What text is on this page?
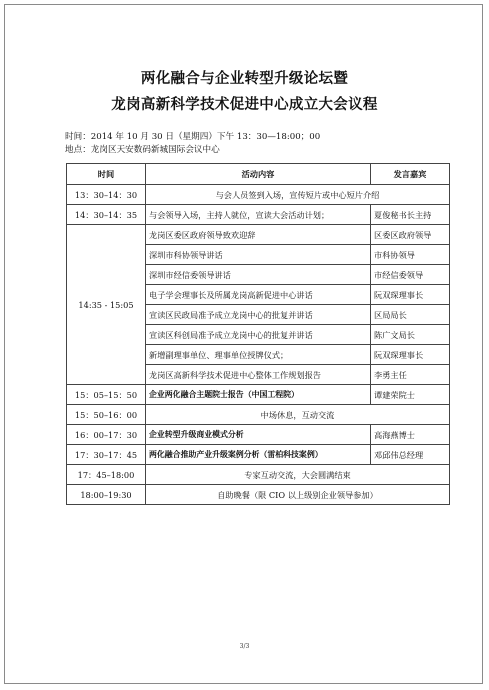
两化融合与企业转型升级论坛暨
龙岗高新科学技术促进中心成立大会议程
时间：2014 年 10 月 30 日（星期四）下午 13：30—18:00；00
地点：龙岗区天安数码新城国际会议中心
时间	活动内容	发言嘉宾
13：30–14：30	与会人员签到入场，宣传短片或中心短片介绍	
14：30–14：35	与会领导入场，主持人就位，宣读大会活动计划；	夏俊秘书长主持
14:35 - 15:05	龙岗区委区政府领导致欢迎辞	区委区政府领导
	深圳市科协领导讲话	市科协领导
	深圳市经信委领导讲话	市经信委领导
	电子学会理事长及所属龙岗高新促进中心讲话	阮双琛理事长
	宣读区民政局准予成立龙岗中心的批复并讲话	区局局长
	宣读区科创局准予成立龙岗中心的批复并讲话	陈广文局长
	新增副理事单位、理事单位授牌仪式；	阮双琛理事长
	龙岗区高新科学技术促进中心整体工作规划报告	李勇主任
15：05–15：50	企业两化融合主题院士报告（中国工程院）	谭建荣院士
15：50–16：00	中场休息，互动交流	
16：00–17：30	企业转型升级商业模式分析	高海燕博士
17：30–17：45	两化融合推助产业升级案例分析（雷柏科技案例）	邓邱伟总经理
17：45–18:00	专家互动交流，大会圆满结束	
18:00–19:30	自助晚餐（限 CIO 以上级别企业领导参加）	
3/3
